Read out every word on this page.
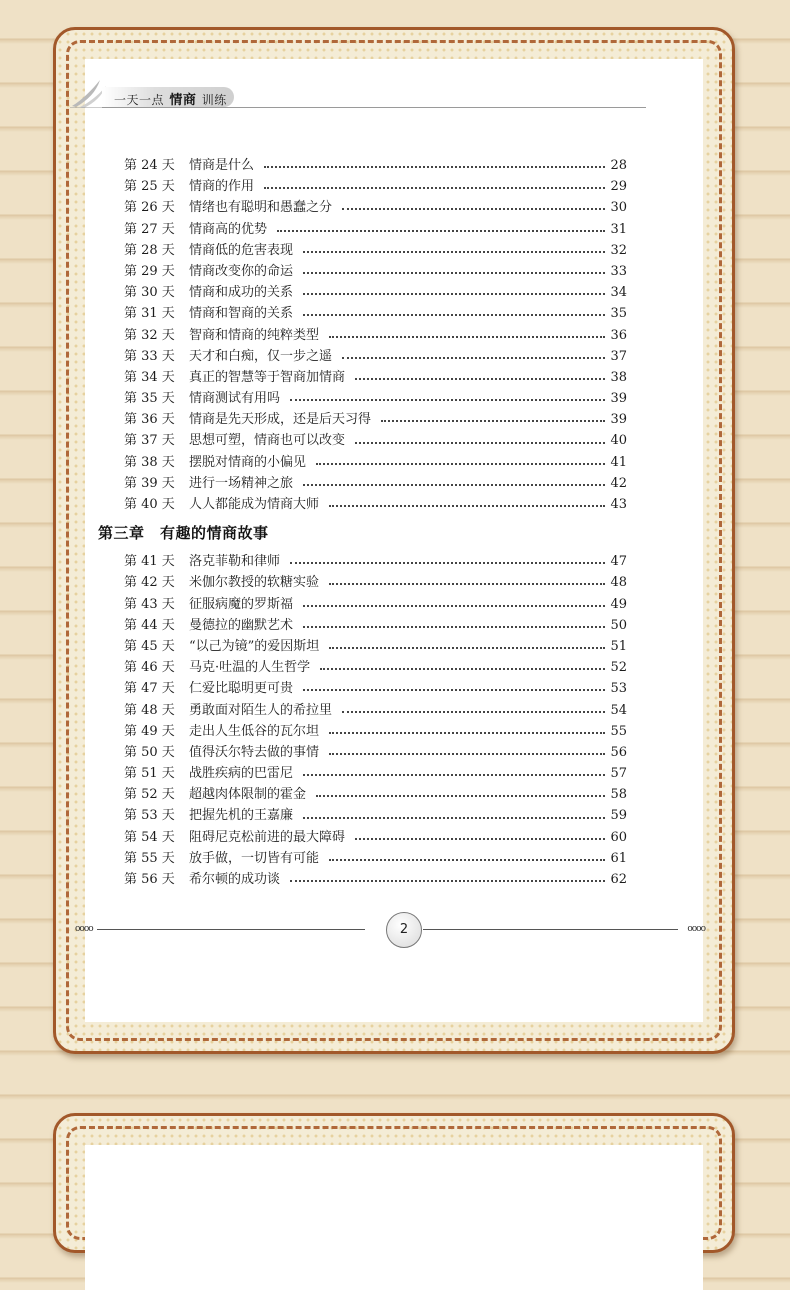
一天一点 情商 训练
第 24 天	情商是什么	28
第 25 天	情商的作用	29
第 26 天	情绪也有聪明和愚蠢之分	30
第 27 天	情商高的优势	31
第 28 天	情商低的危害表现	32
第 29 天	情商改变你的命运	33
第 30 天	情商和成功的关系	34
第 31 天	情商和智商的关系	35
第 32 天	智商和情商的纯粹类型	36
第 33 天	天才和白痴，仅一步之遥	37
第 34 天	真正的智慧等于智商加情商	38
第 35 天	情商测试有用吗	39
第 36 天	情商是先天形成，还是后天习得	39
第 37 天	思想可塑，情商也可以改变	40
第 38 天	摆脱对情商的小偏见	41
第 39 天	进行一场精神之旅	42
第 40 天	人人都能成为情商大师	43
第三章　有趣的情商故事
第 41 天	洛克菲勒和律师	47
第 42 天	米伽尔教授的软糖实验	48
第 43 天	征服病魔的罗斯福	49
第 44 天	曼德拉的幽默艺术	50
第 45 天	“以己为镜”的爱因斯坦	51
第 46 天	马克·吐温的人生哲学	52
第 47 天	仁爱比聪明更可贵	53
第 48 天	勇敢面对陌生人的希拉里	54
第 49 天	走出人生低谷的瓦尔坦	55
第 50 天	值得沃尔特去做的事情	56
第 51 天	战胜疾病的巴雷尼	57
第 52 天	超越肉体限制的霍金	58
第 53 天	把握先机的王嘉廉	59
第 54 天	阻碍尼克松前进的最大障碍	60
第 55 天	放手做，一切皆有可能	61
第 56 天	希尔顿的成功谈	62
oooo	2	oooo
